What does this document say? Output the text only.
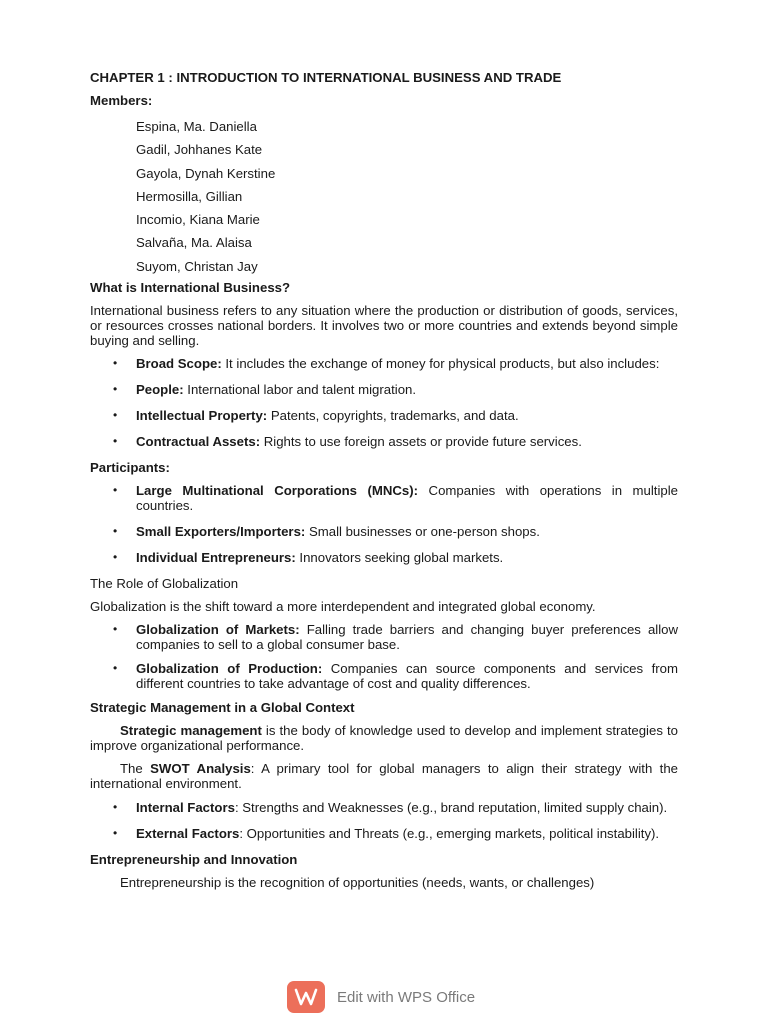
CHAPTER 1 : INTRODUCTION TO INTERNATIONAL BUSINESS AND TRADE
Members:
Espina, Ma. Daniella
Gadil, Johhanes Kate
Gayola, Dynah Kerstine
Hermosilla, Gillian
Incomio, Kiana Marie
Salvaña, Ma. Alaisa
Suyom, Christan Jay
What is International Business?
International business refers to any situation where the production or distribution of goods, services, or resources crosses national borders. It involves two or more countries and extends beyond simple buying and selling.
• Broad Scope: It includes the exchange of money for physical products, but also includes:
• People: International labor and talent migration.
• Intellectual Property: Patents, copyrights, trademarks, and data.
• Contractual Assets: Rights to use foreign assets or provide future services.
Participants:
• Large Multinational Corporations (MNCs): Companies with operations in multiple countries.
• Small Exporters/Importers: Small businesses or one-person shops.
• Individual Entrepreneurs: Innovators seeking global markets.
The Role of Globalization
Globalization is the shift toward a more interdependent and integrated global economy.
• Globalization of Markets: Falling trade barriers and changing buyer preferences allow companies to sell to a global consumer base.
• Globalization of Production: Companies can source components and services from different countries to take advantage of cost and quality differences.
Strategic Management in a Global Context
Strategic management is the body of knowledge used to develop and implement strategies to improve organizational performance.
The SWOT Analysis: A primary tool for global managers to align their strategy with the international environment.
• Internal Factors: Strengths and Weaknesses (e.g., brand reputation, limited supply chain).
• External Factors: Opportunities and Threats (e.g., emerging markets, political instability).
Entrepreneurship and Innovation
Entrepreneurship is the recognition of opportunities (needs, wants, or challenges)
Edit with WPS Office
